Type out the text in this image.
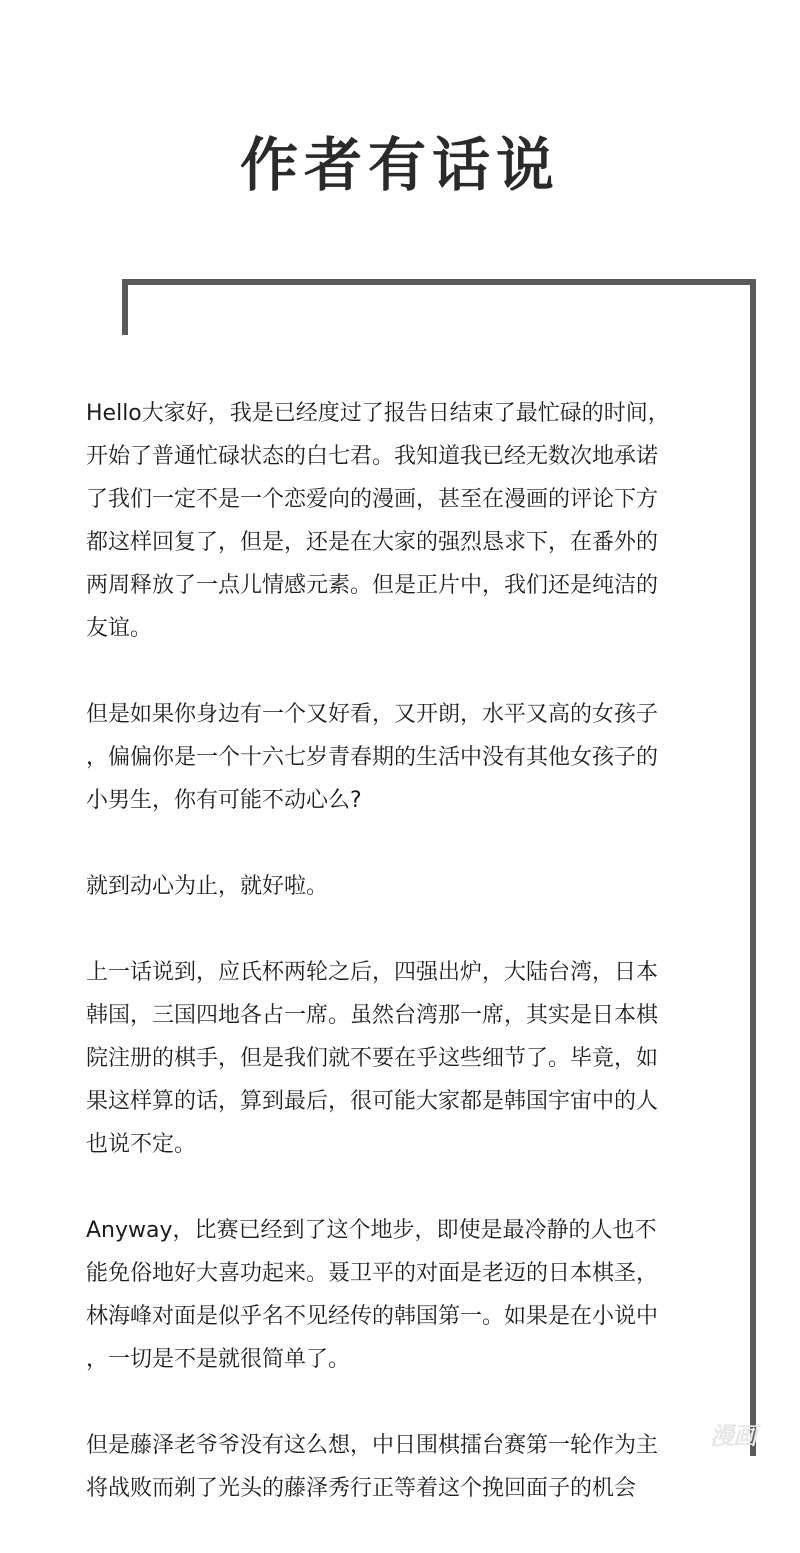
作者有话说

Hello大家好，我是已经度过了报告日结束了最忙碌的时间，
开始了普通忙碌状态的白七君。我知道我已经无数次地承诺
了我们一定不是一个恋爱向的漫画，甚至在漫画的评论下方
都这样回复了，但是，还是在大家的强烈恳求下，在番外的
两周释放了一点儿情感元素。但是正片中，我们还是纯洁的
友谊。

但是如果你身边有一个又好看，又开朗，水平又高的女孩子
，偏偏你是一个十六七岁青春期的生活中没有其他女孩子的
小男生，你有可能不动心么?

就到动心为止，就好啦。

上一话说到，应氏杯两轮之后，四强出炉，大陆台湾，日本
韩国，三国四地各占一席。虽然台湾那一席，其实是日本棋
院注册的棋手，但是我们就不要在乎这些细节了。毕竟，如
果这样算的话，算到最后，很可能大家都是韩国宇宙中的人
也说不定。

Anyway，比赛已经到了这个地步，即使是最冷静的人也不
能免俗地好大喜功起来。聂卫平的对面是老迈的日本棋圣，
林海峰对面是似乎名不见经传的韩国第一。如果是在小说中
，一切是不是就很简单了。

但是藤泽老爷爷没有这么想，中日围棋擂台赛第一轮作为主
将战败而剃了光头的藤泽秀行正等着这个挽回面子的机会

漫画
